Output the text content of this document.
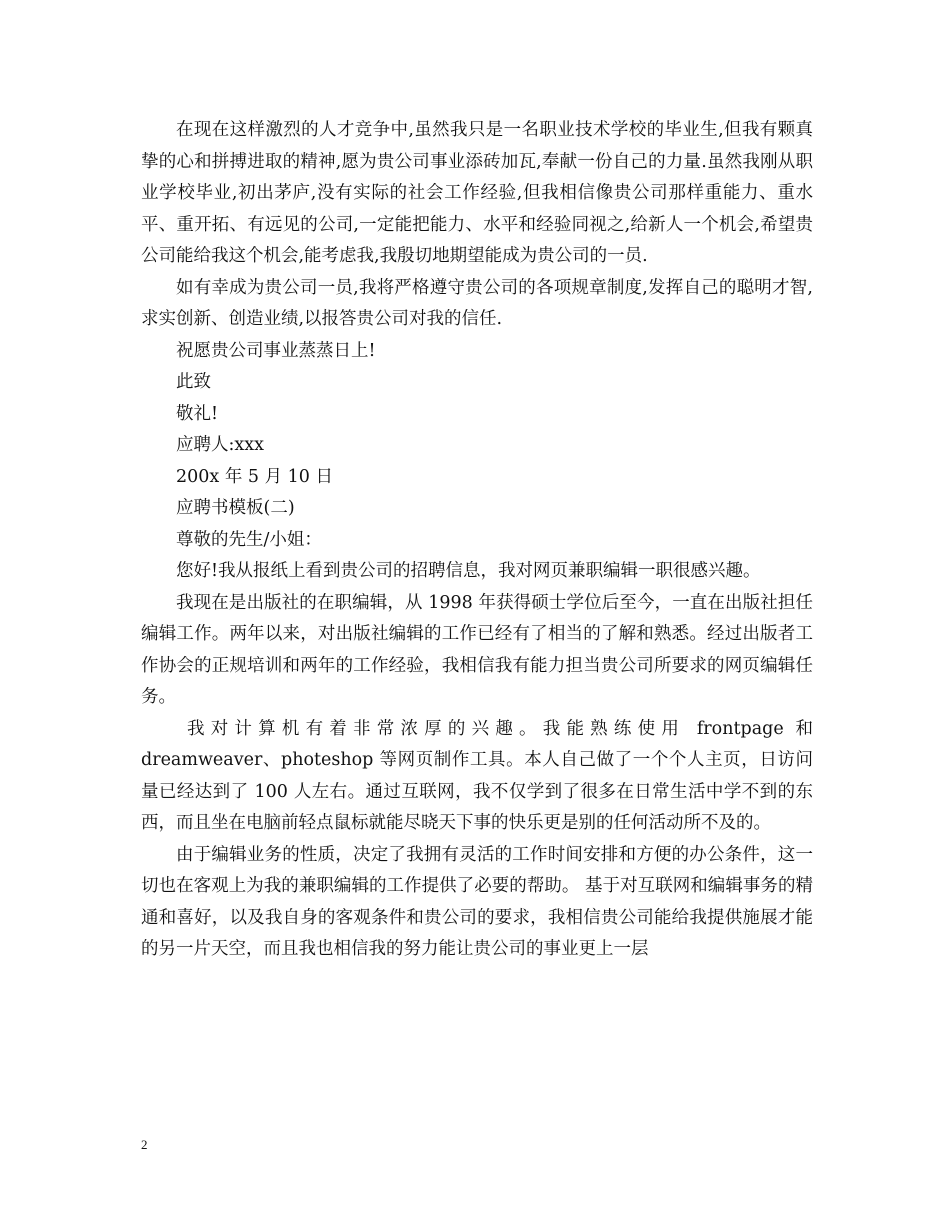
在现在这样激烈的人才竞争中,虽然我只是一名职业技术学校的毕业生,但我有颗真挚的心和拼搏进取的精神,愿为贵公司事业添砖加瓦,奉献一份自己的力量.虽然我刚从职业学校毕业,初出茅庐,没有实际的社会工作经验,但我相信像贵公司那样重能力、重水平、重开拓、有远见的公司,一定能把能力、水平和经验同视之,给新人一个机会,希望贵公司能给我这个机会,能考虑我,我殷切地期望能成为贵公司的一员.

如有幸成为贵公司一员,我将严格遵守贵公司的各项规章制度,发挥自己的聪明才智,求实创新、创造业绩,以报答贵公司对我的信任.

祝愿贵公司事业蒸蒸日上!

此致

敬礼!

应聘人:xxx

200x 年 5 月 10 日

应聘书模板(二)

尊敬的先生/小姐：

您好!我从报纸上看到贵公司的招聘信息，我对网页兼职编辑一职很感兴趣。

我现在是出版社的在职编辑，从 1998 年获得硕士学位后至今，一直在出版社担任编辑工作。两年以来，对出版社编辑的工作已经有了相当的了解和熟悉。经过出版者工作协会的正规培训和两年的工作经验，我相信我有能力担当贵公司所要求的网页编辑任务。

我对计算机有着非常浓厚的兴趣。我能熟练使用 frontpage 和 dreamweaver、photeshop 等网页制作工具。本人自己做了一个个人主页，日访问量已经达到了 100 人左右。通过互联网，我不仅学到了很多在日常生活中学不到的东西，而且坐在电脑前轻点鼠标就能尽晓天下事的快乐更是别的任何活动所不及的。

由于编辑业务的性质，决定了我拥有灵活的工作时间安排和方便的办公条件，这一切也在客观上为我的兼职编辑的工作提供了必要的帮助。 基于对互联网和编辑事务的精通和喜好，以及我自身的客观条件和贵公司的要求，我相信贵公司能给我提供施展才能的另一片天空，而且我也相信我的努力能让贵公司的事业更上一层

2
